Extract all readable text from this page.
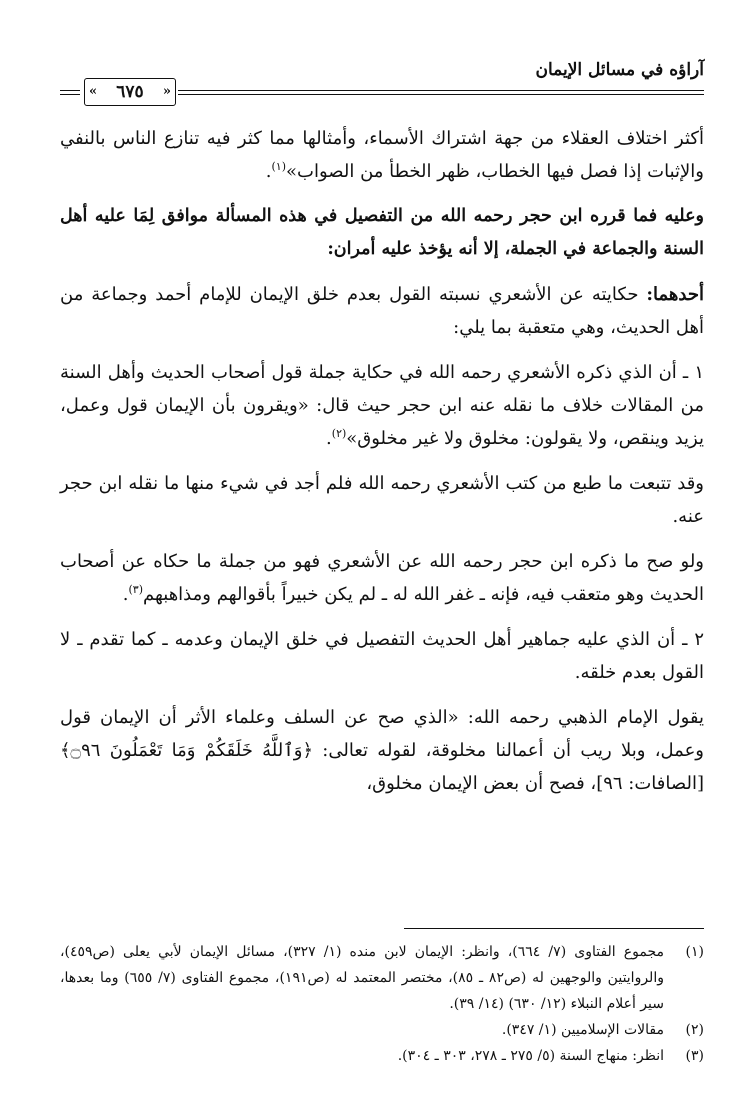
آراؤه في مسائل الإيمان
« ٦٧٥ »

أكثر اختلاف العقلاء من جهة اشتراك الأسماء، وأمثالها مما كثر فيه تنازع الناس بالنفي والإثبات إذا فصل فيها الخطاب، ظهر الخطأ من الصواب»$^{(١)}$.

وعليه فما قرره ابن حجر رحمه الله من التفصيل في هذه المسألة موافق لِمَا عليه أهل السنة والجماعة في الجملة، إلا أنه يؤخذ عليه أمران:

أحدهما: حكايته عن الأشعري نسبته القول بعدم خلق الإيمان للإمام أحمد وجماعة من أهل الحديث، وهي متعقبة بما يلي:

١ ـ أن الذي ذكره الأشعري رحمه الله في حكاية جملة قول أصحاب الحديث وأهل السنة من المقالات خلاف ما نقله عنه ابن حجر حيث قال: «ويقرون بأن الإيمان قول وعمل، يزيد وينقص، ولا يقولون: مخلوق ولا غير مخلوق»$^{(٢)}$.

وقد تتبعت ما طبع من كتب الأشعري رحمه الله فلم أجد في شيء منها ما نقله ابن حجر عنه.

ولو صح ما ذكره ابن حجر رحمه الله عن الأشعري فهو من جملة ما حكاه عن أصحاب الحديث وهو متعقب فيه، فإنه ـ غفر الله له ـ لم يكن خبيراً بأقوالهم ومذاهبهم$^{(٣)}$.

٢ ـ أن الذي عليه جماهير أهل الحديث التفصيل في خلق الإيمان وعدمه ـ كما تقدم ـ لا القول بعدم خلقه.

يقول الإمام الذهبي رحمه الله: «الذي صح عن السلف وعلماء الأثر أن الإيمان قول وعمل، وبلا ريب أن أعمالنا مخلوقة، لقوله تعالى: ﴿وَٱللَّهُ خَلَقَكُمْ وَمَا تَعْمَلُونَ ۝٩٦﴾ [الصافات: ٩٦]، فصح أن بعض الإيمان مخلوق،

(١)
مجموع الفتاوى (٧/ ٦٦٤)، وانظر: الإيمان لابن منده (١/ ٣٢٧)، مسائل الإيمان لأبي يعلى (ص٤٥٩)، والروايتين والوجهين له (ص٨٢ ـ ٨٥)، مختصر المعتمد له (ص١٩١)، مجموع الفتاوى (٧/ ٦٥٥) وما بعدها، سير أعلام النبلاء (١٢/ ٦٣٠) (١٤/ ٣٩).
(٢)
مقالات الإسلاميين (١/ ٣٤٧).
(٣)
انظر: منهاج السنة (٥/ ٢٧٥ ـ ٢٧٨، ٣٠٣ ـ ٣٠٤).
